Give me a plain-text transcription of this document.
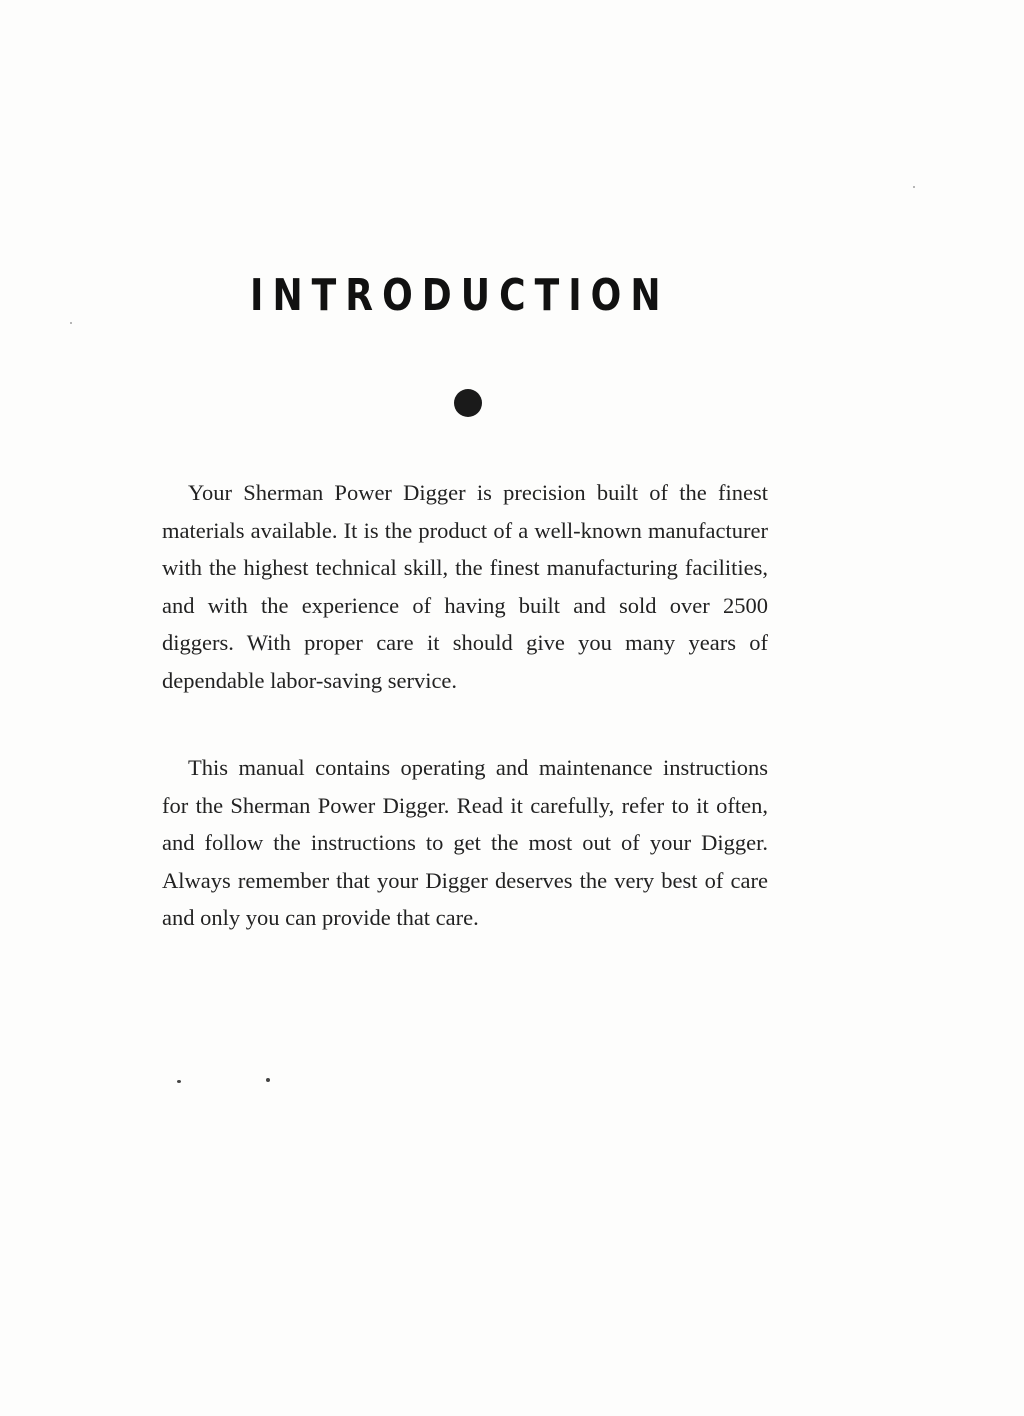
INTRODUCTION

Your Sherman Power Digger is precision built of the finest materials available. It is the product of a well-known manufacturer with the highest technical skill, the finest manufacturing facilities, and with the experience of having built and sold over 2500 diggers. With proper care it should give you many years of dependable labor-saving service.

This manual contains operating and maintenance instructions for the Sherman Power Digger. Read it carefully, refer to it often, and follow the instructions to get the most out of your Digger. Always remember that your Digger deserves the very best of care and only you can provide that care.
